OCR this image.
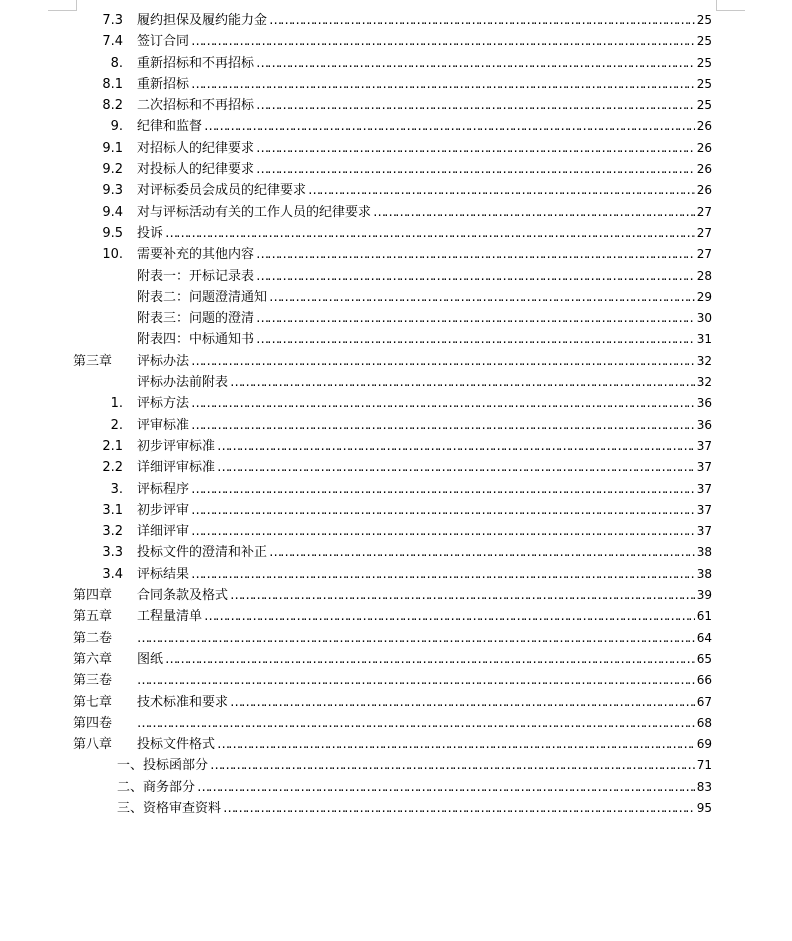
7.3 履约担保及履约能力金 ……………………………………………………………………………………………………………………………………………………………………………………………………	25
7.4 签订合同 ……………………………………………………………………………………………………………………………………………………………………………………………………	25
8. 重新招标和不再招标 ……………………………………………………………………………………………………………………………………………………………………………………………………	25
8.1 重新招标 ……………………………………………………………………………………………………………………………………………………………………………………………………	25
8.2 二次招标和不再招标 ……………………………………………………………………………………………………………………………………………………………………………………………………	25
9. 纪律和监督 ……………………………………………………………………………………………………………………………………………………………………………………………………	26
9.1 对招标人的纪律要求 ……………………………………………………………………………………………………………………………………………………………………………………………………	26
9.2 对投标人的纪律要求 ……………………………………………………………………………………………………………………………………………………………………………………………………	26
9.3 对评标委员会成员的纪律要求 ……………………………………………………………………………………………………………………………………………………………………………………………………	26
9.4 对与评标活动有关的工作人员的纪律要求 ……………………………………………………………………………………………………………………………………………………………………………………………………	27
9.5 投诉 ……………………………………………………………………………………………………………………………………………………………………………………………………	27
10. 需要补充的其他内容 ……………………………………………………………………………………………………………………………………………………………………………………………………	27
附表一：开标记录表 ……………………………………………………………………………………………………………………………………………………………………………………………………	28
附表二：问题澄清通知 ……………………………………………………………………………………………………………………………………………………………………………………………………	29
附表三：问题的澄清 ……………………………………………………………………………………………………………………………………………………………………………………………………	30
附表四：中标通知书 ……………………………………………………………………………………………………………………………………………………………………………………………………	31
第三章 评标办法 ……………………………………………………………………………………………………………………………………………………………………………………………………	32
评标办法前附表 ……………………………………………………………………………………………………………………………………………………………………………………………………	32
1. 评标方法 ……………………………………………………………………………………………………………………………………………………………………………………………………	36
2. 评审标准 ……………………………………………………………………………………………………………………………………………………………………………………………………	36
2.1 初步评审标准 ……………………………………………………………………………………………………………………………………………………………………………………………………	37
2.2 详细评审标准 ……………………………………………………………………………………………………………………………………………………………………………………………………	37
3. 评标程序 ……………………………………………………………………………………………………………………………………………………………………………………………………	37
3.1 初步评审 ……………………………………………………………………………………………………………………………………………………………………………………………………	37
3.2 详细评审 ……………………………………………………………………………………………………………………………………………………………………………………………………	37
3.3 投标文件的澄清和补正 ……………………………………………………………………………………………………………………………………………………………………………………………………	38
3.4 评标结果 ……………………………………………………………………………………………………………………………………………………………………………………………………	38
第四章 合同条款及格式 ……………………………………………………………………………………………………………………………………………………………………………………………………	39
第五章 工程量清单 ……………………………………………………………………………………………………………………………………………………………………………………………………	61
第二卷 ……………………………………………………………………………………………………………………………………………………………………………………………………	64
第六章 图纸 ……………………………………………………………………………………………………………………………………………………………………………………………………	65
第三卷 ……………………………………………………………………………………………………………………………………………………………………………………………………	66
第七章 技术标准和要求 ……………………………………………………………………………………………………………………………………………………………………………………………………	67
第四卷 ……………………………………………………………………………………………………………………………………………………………………………………………………	68
第八章 投标文件格式 ……………………………………………………………………………………………………………………………………………………………………………………………………	69
一、投标函部分 ……………………………………………………………………………………………………………………………………………………………………………………………………	71
二、商务部分 ……………………………………………………………………………………………………………………………………………………………………………………………………	83
三、资格审查资料 ……………………………………………………………………………………………………………………………………………………………………………………………………	95
